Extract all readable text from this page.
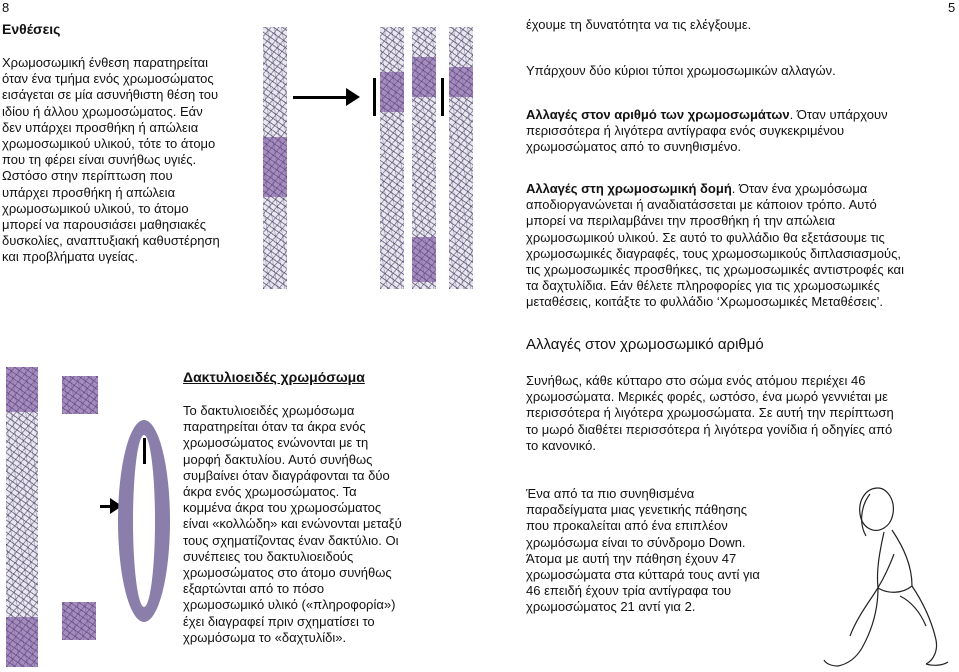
8
Ενθέσεις

Χρωμοσωμική ένθεση παρατηρείται

όταν ένα τμήμα ενός χρωμοσώματος

εισάγεται σε μία ασυνήθιστη θέση του

ιδίου ή άλλου χρωμοσώματος. Εάν

δεν υπάρχει προσθήκη ή απώλεια

χρωμοσωμικού υλικού, τότε το άτομο

που τη φέρει είναι συνήθως υγιές.

Ωστόσο στην περίπτωση που

υπάρχει προσθήκη ή απώλεια

χρωμοσωμικού υλικού, το άτομο

μπορεί να παρουσιάσει μαθησιακές

δυσκολίες, αναπτυξιακή καθυστέρηση

και προβλήματα υγείας.

Δακτυλιοειδές χρωμόσωμα

Το δακτυλιοειδές χρωμόσωμα

παρατηρείται όταν τα άκρα ενός

χρωμοσώματος ενώνονται με τη

μορφή δακτυλίου. Αυτό συνήθως

συμβαίνει όταν διαγράφονται τα δύο

άκρα ενός χρωμοσώματος. Τα

κομμένα άκρα του χρωμοσώματος

είναι «κολλώδη» και ενώνονται μεταξύ

τους σχηματίζοντας έναν δακτύλιο. Οι

συνέπειες του δακτυλιοειδούς

χρωμοσώματος στο άτομο συνήθως

εξαρτώνται από το πόσο

χρωμοσωμικό υλικό («πληροφορία»)

έχει διαγραφεί πριν σχηματίσει το

χρωμόσωμα το «δαχτυλίδι».

5
έχουμε τη δυνατότητα να τις ελέγξουμε.
Υπάρχουν δύο κύριοι τύποι χρωμοσωμικών αλλαγών.

Αλλαγές στον αριθμό των χρωμοσωμάτων. Όταν υπάρχουν

περισσότερα ή λιγότερα αντίγραφα ενός συγκεκριμένου

χρωμοσώματος από το συνηθισμένο.

Αλλαγές στη χρωμοσωμική δομή. Όταν ένα χρωμόσωμα

αποδιοργανώνεται ή αναδιατάσσεται με κάποιον τρόπο. Αυτό

μπορεί να περιλαμβάνει την προσθήκη ή την απώλεια

χρωμοσωμικού υλικού. Σε αυτό το φυλλάδιο θα εξετάσουμε τις

χρωμοσωμικές διαγραφές, τους χρωμοσωμικούς διπλασιασμούς,

τις χρωμοσωμικές προσθήκες, τις χρωμοσωμικές αντιστροφές και

τα δαχτυλίδια. Εάν θέλετε πληροφορίες για τις χρωμοσωμικές

μεταθέσεις, κοιτάξτε το φυλλάδιο ‘Χρωμοσωμικές Μεταθέσεις’.

Αλλαγές στον χρωμοσωμικό αριθμό

Συνήθως, κάθε κύτταρο στο σώμα ενός ατόμου περιέχει 46

χρωμοσώματα. Μερικές φορές, ωστόσο, ένα μωρό γεννιέται με

περισσότερα ή λιγότερα χρωμοσώματα. Σε αυτή την περίπτωση

το μωρό διαθέτει περισσότερα ή λιγότερα γονίδια ή οδηγίες από

το κανονικό.

Ένα από τα πιο συνηθισμένα

παραδείγματα μιας γενετικής πάθησης

που προκαλείται από ένα επιπλέον

χρωμόσωμα είναι το σύνδρομο Down.

Άτομα με αυτή την πάθηση έχουν 47

χρωμοσώματα στα κύτταρά τους αντί για

46 επειδή έχουν τρία αντίγραφα του

χρωμοσώματος 21 αντί για 2.
